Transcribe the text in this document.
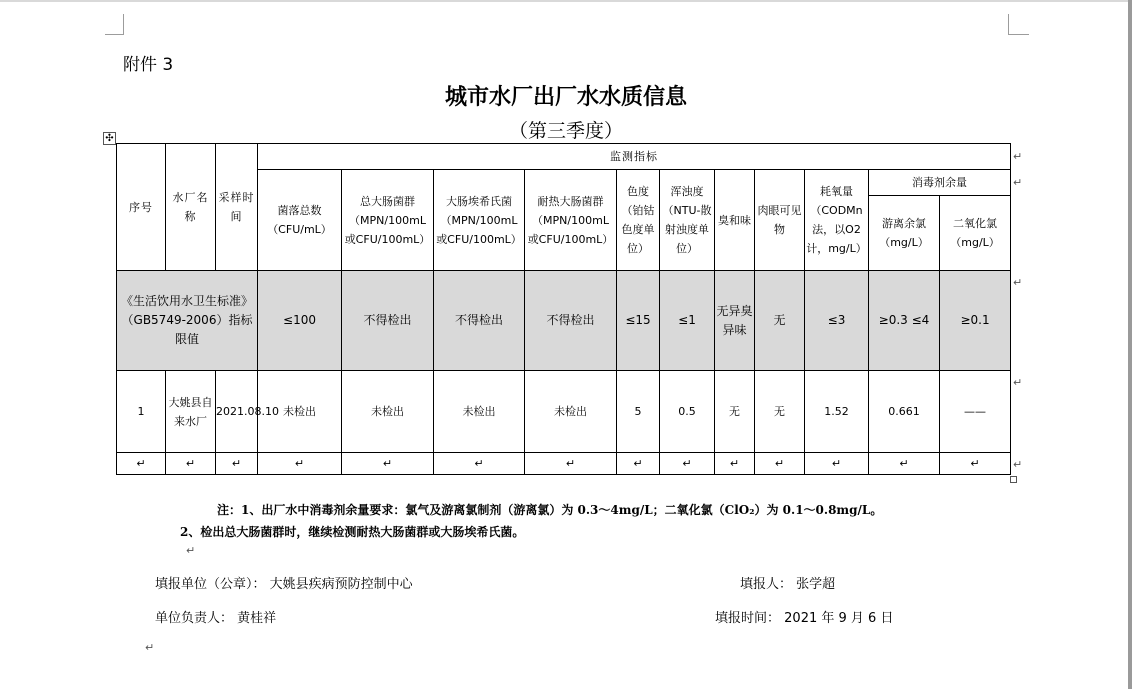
附件 3
城市水厂出厂水水质信息
（第三季度）
✣
序号	水厂名称	采样时间	监测指标										
			菌落总数（CFU/mL）	总大肠菌群（MPN/100mL或CFU/100mL）	大肠埃希氏菌（MPN/100mL或CFU/100mL）	耐热大肠菌群（MPN/100mL或CFU/100mL）	色度（铂钴色度单位）	浑浊度（NTU-散射浊度单位）	臭和味	肉眼可见物	耗氧量（CODMn法，以O2计，mg/L）	消毒剂余量	
												游离余氯（mg/L）	二氧化氯（mg/L）
《生活饮用水卫生标准》（GB5749-2006）指标限值			≤100	不得检出	不得检出	不得检出	≤15	≤1	无异臭异味	无	≤3	≥0.3 ≤4	≥0.1
1	大姚县自来水厂	2021.08.10	未检出	未检出	未检出	未检出	5	0.5	无	无	1.52	0.661	——
↵	↵	↵	↵	↵	↵	↵	↵	↵	↵	↵	↵	↵	↵
↵
↵
↵
↵
↵
注：1、出厂水中消毒剂余量要求：氯气及游离氯制剂（游离氯）为 0.3～4mg/L；二氧化氯（ClO₂）为 0.1～0.8mg/L。
2、检出总大肠菌群时，继续检测耐热大肠菌群或大肠埃希氏菌。
↵
填报单位（公章）： 大姚县疾病预防控制中心	填报人： 张学超
单位负责人： 黄桂祥	填报时间： 2021 年 9 月 6 日
↵
